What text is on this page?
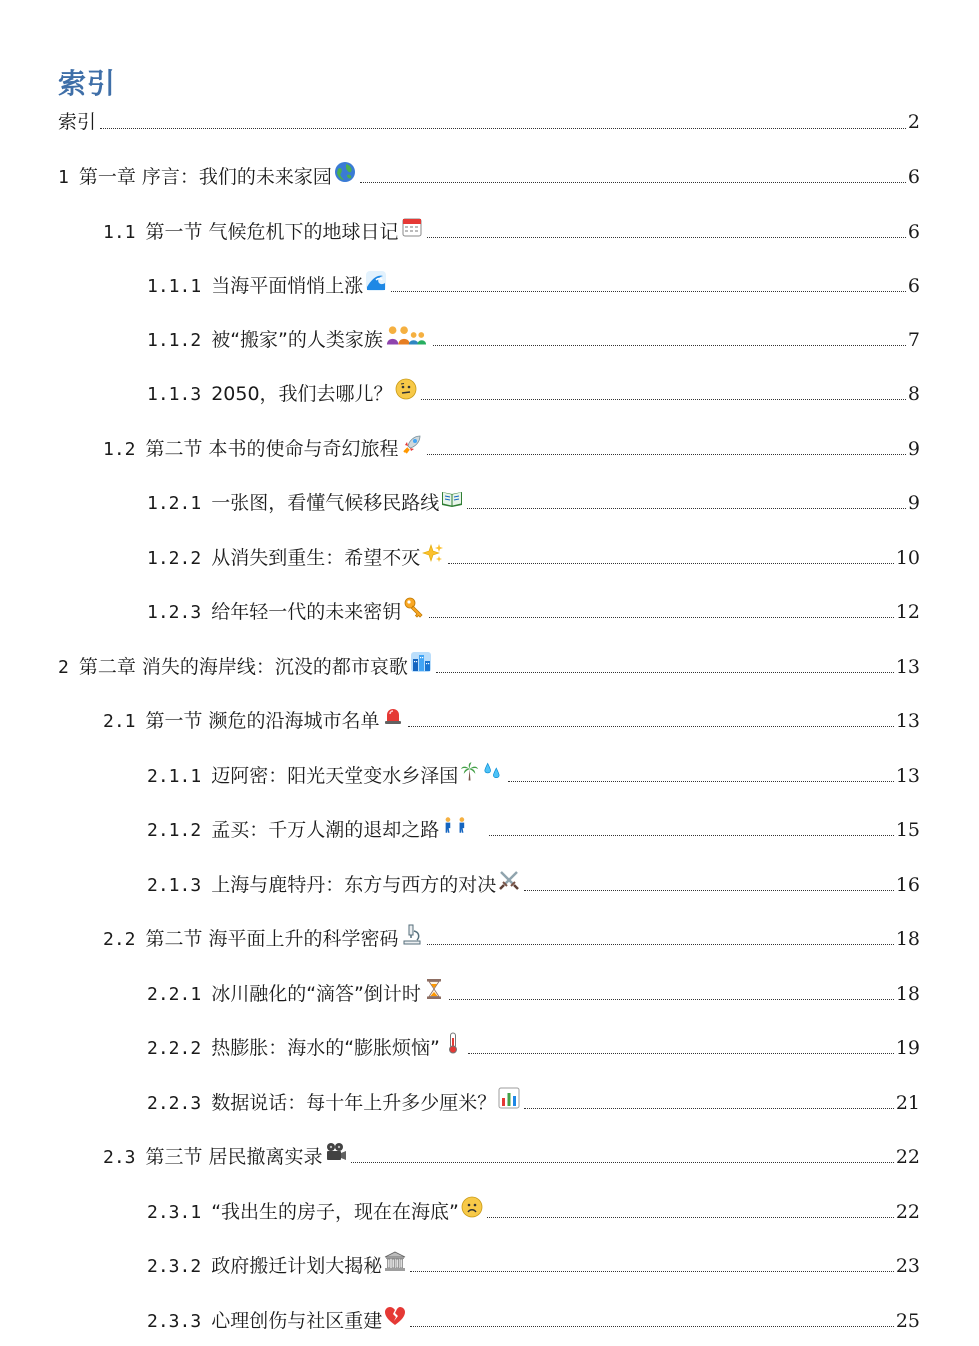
索引
索引	2
1 第一章 序言：我们的未来家园	6
1.1 第一节 气候危机下的地球日记	6
1.1.1 当海平面悄悄上涨	6
1.1.2 被“搬家”的人类家族	7
1.1.3 2050，我们去哪儿？	8
1.2 第二节 本书的使命与奇幻旅程	9
1.2.1 一张图，看懂气候移民路线	9
1.2.2 从消失到重生：希望不灭	10
1.2.3 给年轻一代的未来密钥	12
2 第二章 消失的海岸线：沉没的都市哀歌	13
2.1 第一节 濒危的沿海城市名单	13
2.1.1 迈阿密：阳光天堂变水乡泽国	13
2.1.2 孟买：千万人潮的退却之路	15
2.1.3 上海与鹿特丹：东方与西方的对决	16
2.2 第二节 海平面上升的科学密码	18
2.2.1 冰川融化的“滴答”倒计时	18
2.2.2 热膨胀：海水的“膨胀烦恼”	19
2.2.3 数据说话：每十年上升多少厘米？	21
2.3 第三节 居民撤离实录	22
2.3.1 “我出生的房子，现在在海底”	22
2.3.2 政府搬迁计划大揭秘	23
2.3.3 心理创伤与社区重建	25
